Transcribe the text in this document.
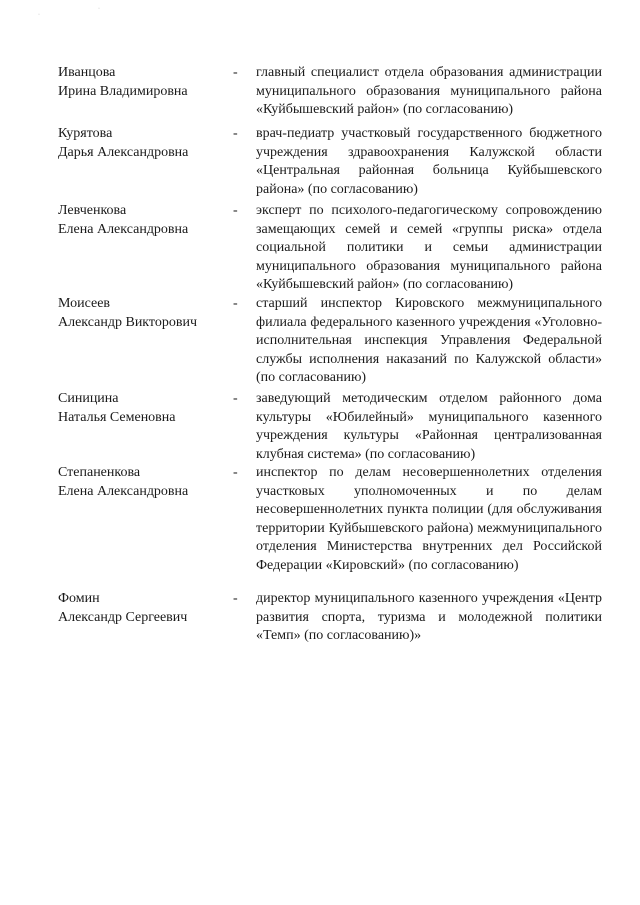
·
·
Иванцова
Ирина Владимировна
- главный специалист отдела образования администрации муниципального образования муниципального района «Куйбышевский район» (по согласованию)
Курятова
Дарья Александровна
- врач-педиатр участковый государственного бюджетного учреждения здравоохранения Калужской области «Центральная районная больница Куйбышевского района» (по согласованию)
Левченкова
Елена Александровна
- эксперт по психолого-педагогическому сопровождению замещающих семей и семей «группы риска» отдела социальной политики и семьи администрации муниципального образования муниципального района «Куйбышевский район» (по согласованию)
Моисеев
Александр Викторович
- старший инспектор Кировского межмуниципального филиала федерального казенного учреждения «Уголовно-исполнительная инспекция Управления Федеральной службы исполнения наказаний по Калужской области» (по согласованию)
Синицина
Наталья Семеновна
- заведующий методическим отделом районного дома культуры «Юбилейный» муниципального казенного учреждения культуры «Районная централизованная клубная система» (по согласованию)
Степаненкова
Елена Александровна
- инспектор по делам несовершеннолетних отделения участковых уполномоченных и по делам несовершеннолетних пункта полиции (для обслуживания территории Куйбышевского района) межмуниципального отделения Министерства внутренних дел Российской Федерации «Кировский» (по согласованию)
Фомин
Александр Сергеевич
- директор муниципального казенного учреждения «Центр развития спорта, туризма и молодежной политики «Темп» (по согласованию)»
